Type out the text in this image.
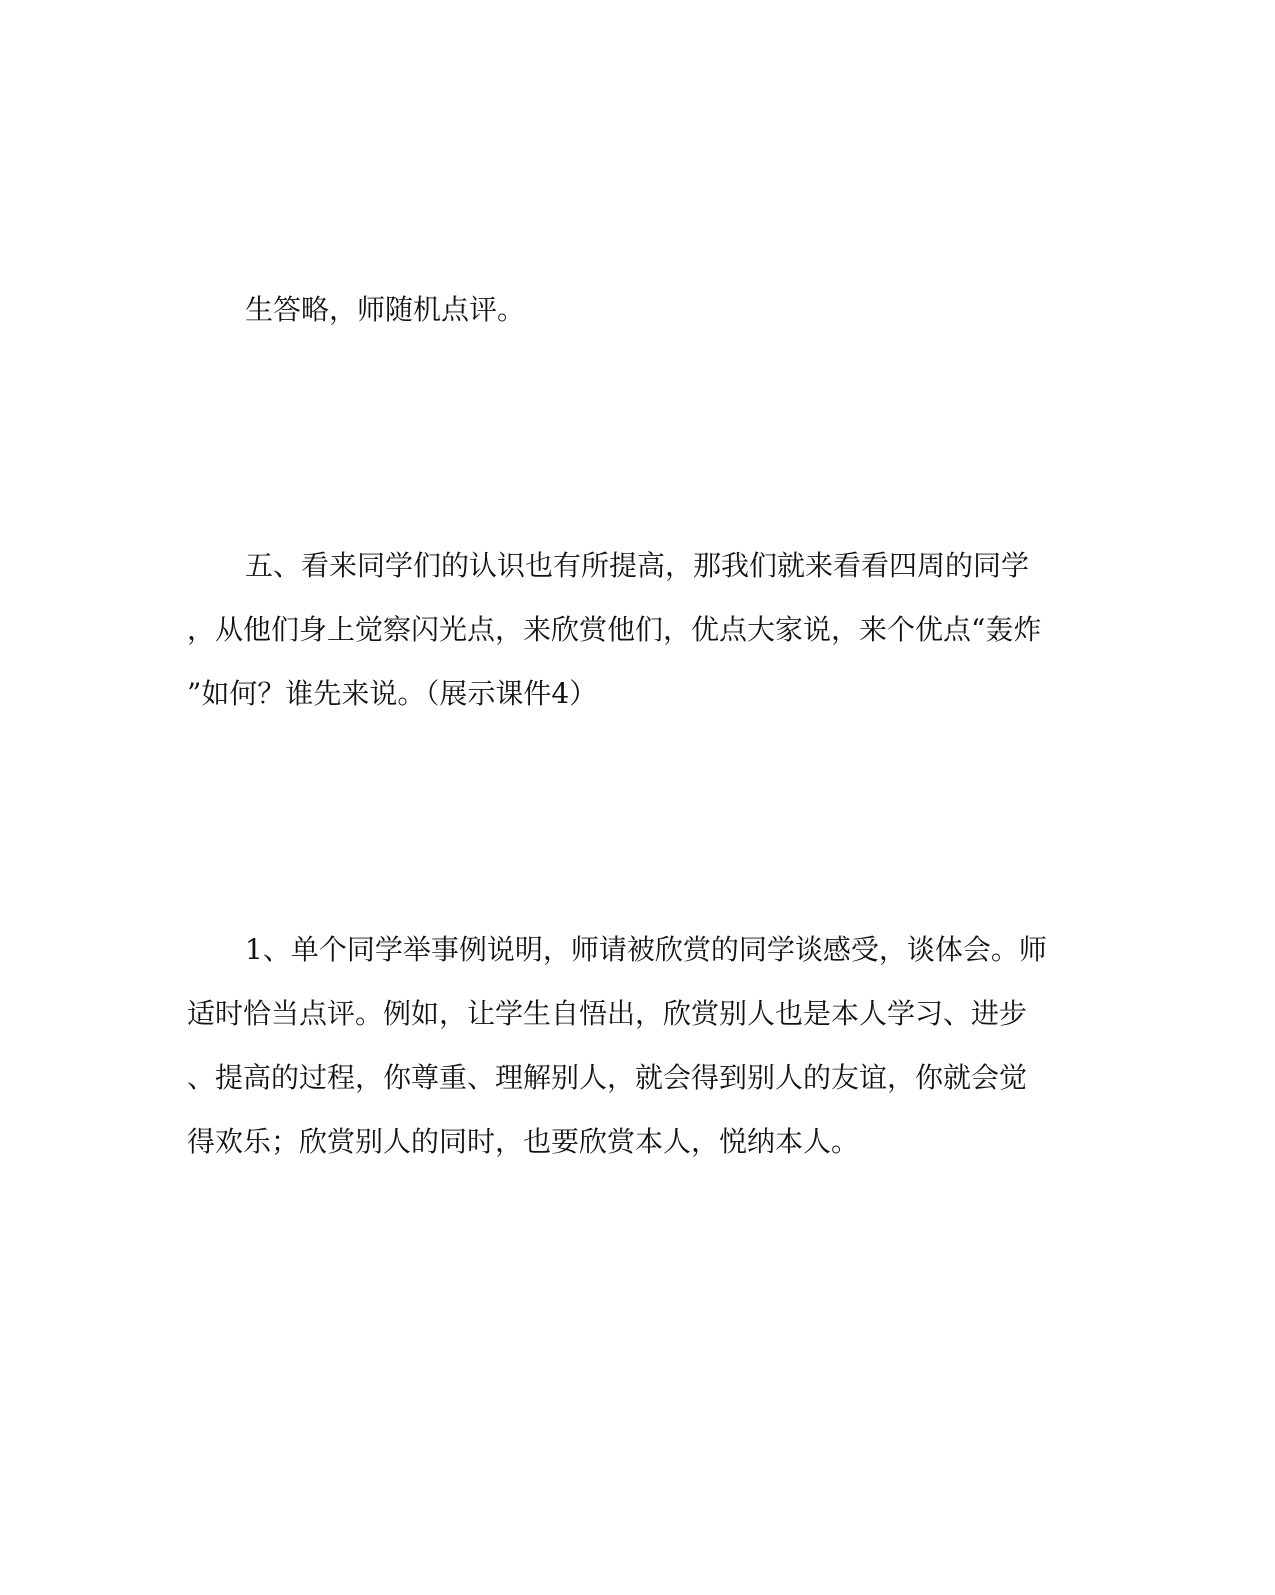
生答略，师随机点评。
五、看来同学们的认识也有所提高，那我们就来看看四周的同学
，从他们身上觉察闪光点，来欣赏他们，优点大家说，来个优点“轰炸
”如何？谁先来说。（展示课件4）
1、单个同学举事例说明，师请被欣赏的同学谈感受，谈体会。师
适时恰当点评。例如，让学生自悟出，欣赏别人也是本人学习、进步
、提高的过程，你尊重、理解别人，就会得到别人的友谊，你就会觉
得欢乐；欣赏别人的同时，也要欣赏本人，悦纳本人。
